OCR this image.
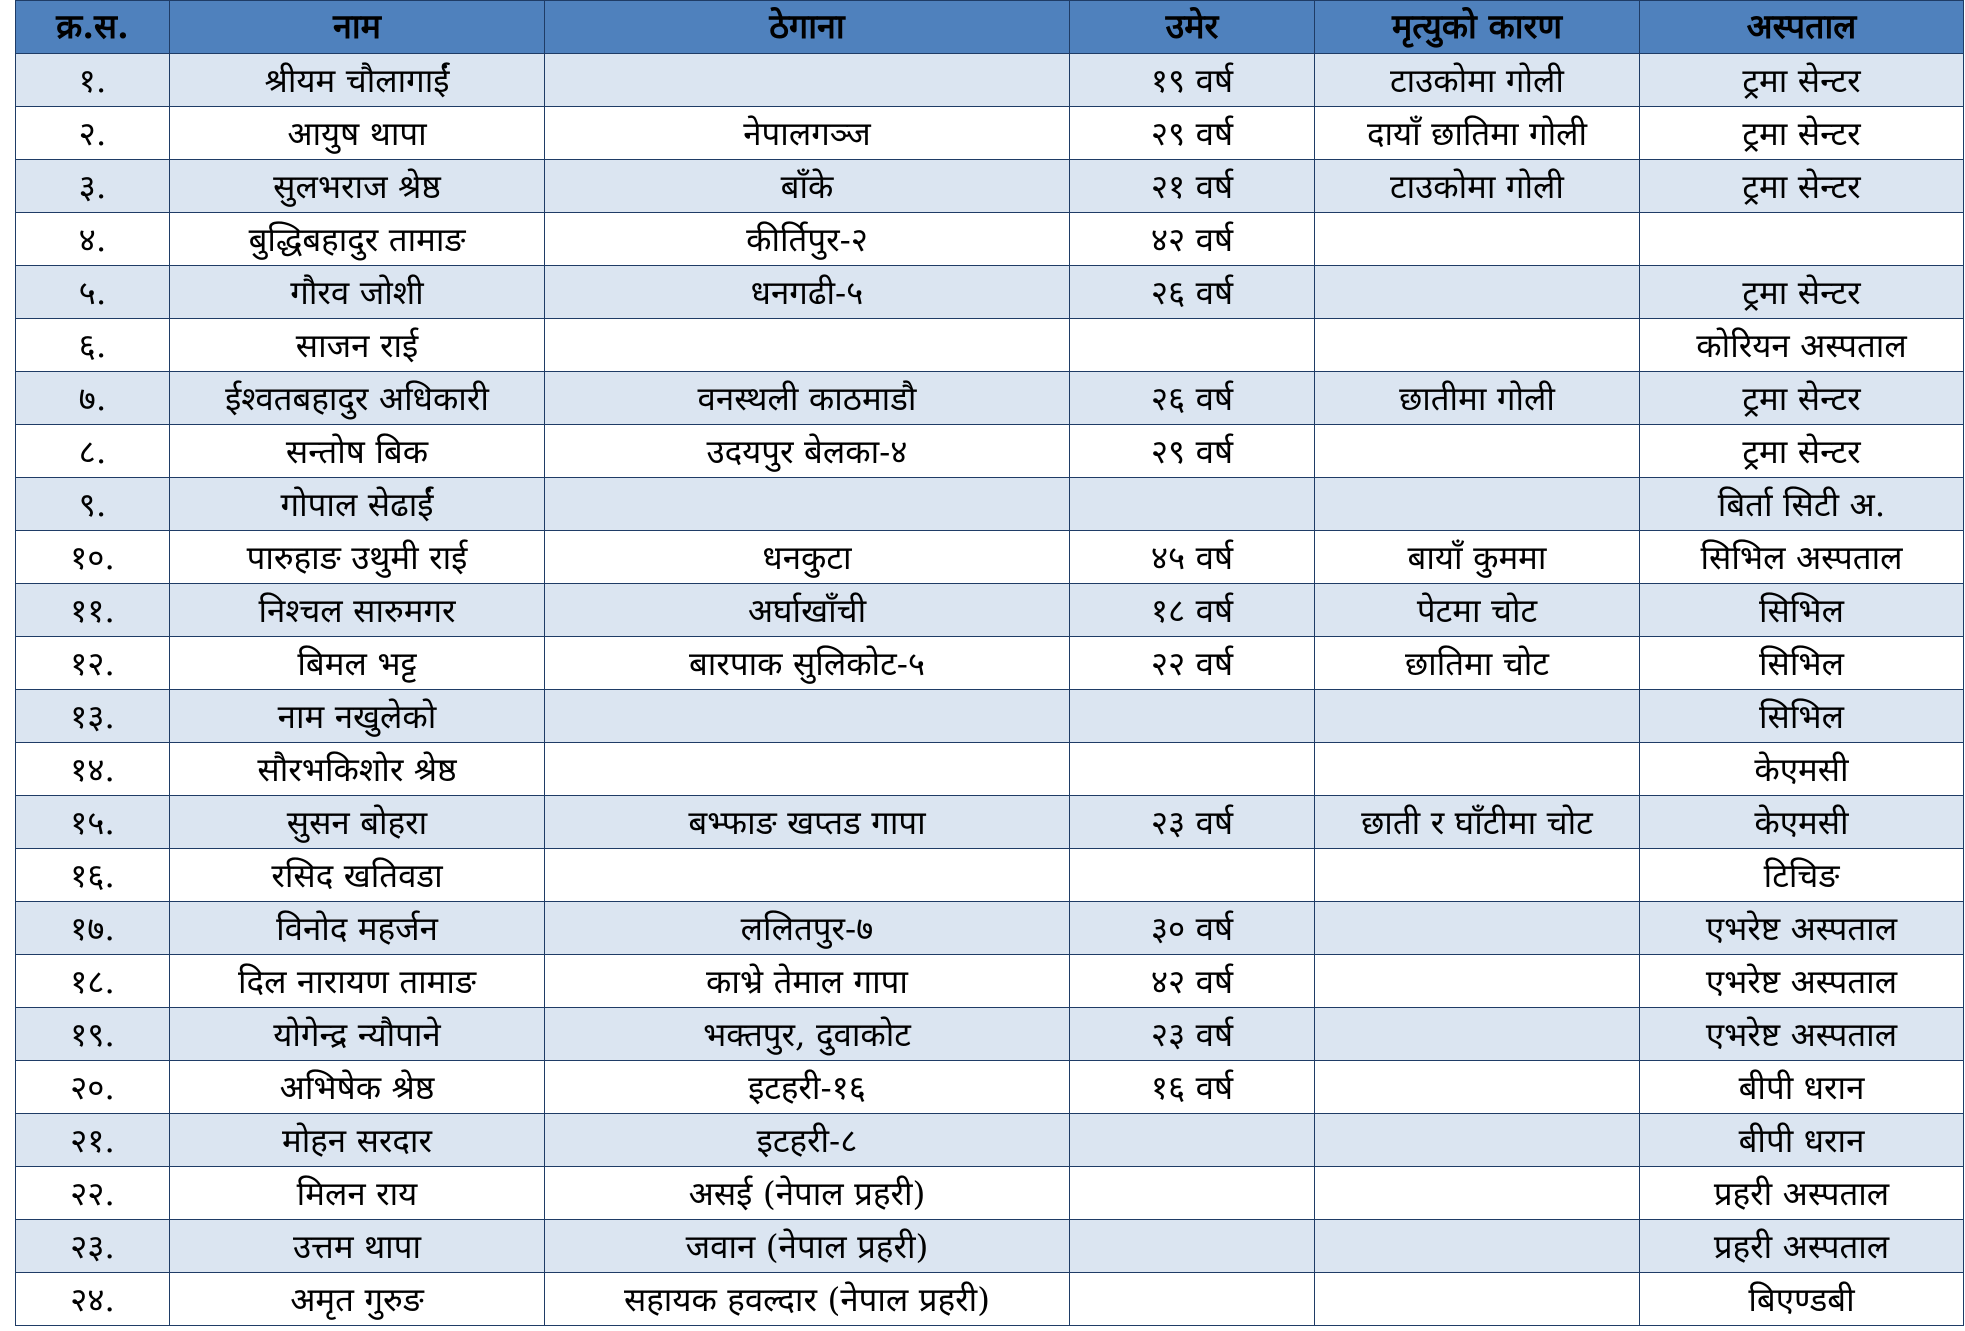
क्र.स.	नाम	ठेगाना	उमेर	मृत्युको कारण	अस्पताल
१.	श्रीयम चौलागाईं		१९ वर्ष	टाउकोमा गोली	ट्रमा सेन्टर
२.	आयुष थापा	नेपालगञ्ज	२९ वर्ष	दायाँ छातिमा गोली	ट्रमा सेन्टर
३.	सुलभराज श्रेष्ठ	बाँके	२१ वर्ष	टाउकोमा गोली	ट्रमा सेन्टर
४.	बुद्धिबहादुर तामाङ	कीर्तिपुर-२	४२ वर्ष		
५.	गौरव जोशी	धनगढी-५	२६ वर्ष		ट्रमा सेन्टर
६.	साजन राई				कोरियन अस्पताल
७.	ईश्वतबहादुर अधिकारी	वनस्थली काठमाडौ	२६ वर्ष	छातीमा गोली	ट्रमा सेन्टर
८.	सन्तोष बिक	उदयपुर बेलका-४	२९ वर्ष		ट्रमा सेन्टर
९.	गोपाल सेढाईं				बिर्ता सिटी अ.
१०.	पारुहाङ उथुमी राई	धनकुटा	४५ वर्ष	बायाँ कुममा	सिभिल अस्पताल
११.	निश्चल सारुमगर	अर्घाखाँची	१८ वर्ष	पेटमा चोट	सिभिल
१२.	बिमल भट्ट	बारपाक सुलिकोट-५	२२ वर्ष	छातिमा चोट	सिभिल
१३.	नाम नखुलेको				सिभिल
१४.	सौरभकिशोर श्रेष्ठ				केएमसी
१५.	सुसन बोहरा	बभ्फाङ खप्तड गापा	२३ वर्ष	छाती र घाँटीमा चोट	केएमसी
१६.	रसिद खतिवडा				टिचिङ
१७.	विनोद महर्जन	ललितपुर-७	३० वर्ष		एभरेष्ट अस्पताल
१८.	दिल नारायण तामाङ	काभ्रे तेमाल गापा	४२ वर्ष		एभरेष्ट अस्पताल
१९.	योगेन्द्र न्यौपाने	भक्तपुर, दुवाकोट	२३ वर्ष		एभरेष्ट अस्पताल
२०.	अभिषेक श्रेष्ठ	इटहरी-१६	१६ वर्ष		बीपी धरान
२१.	मोहन सरदार	इटहरी-८			बीपी धरान
२२.	मिलन राय	असई (नेपाल प्रहरी)			प्रहरी अस्पताल
२३.	उत्तम थापा	जवान (नेपाल प्रहरी)			प्रहरी अस्पताल
२४.	अमृत गुरुङ	सहायक हवल्दार (नेपाल प्रहरी)			बिएण्डबी
